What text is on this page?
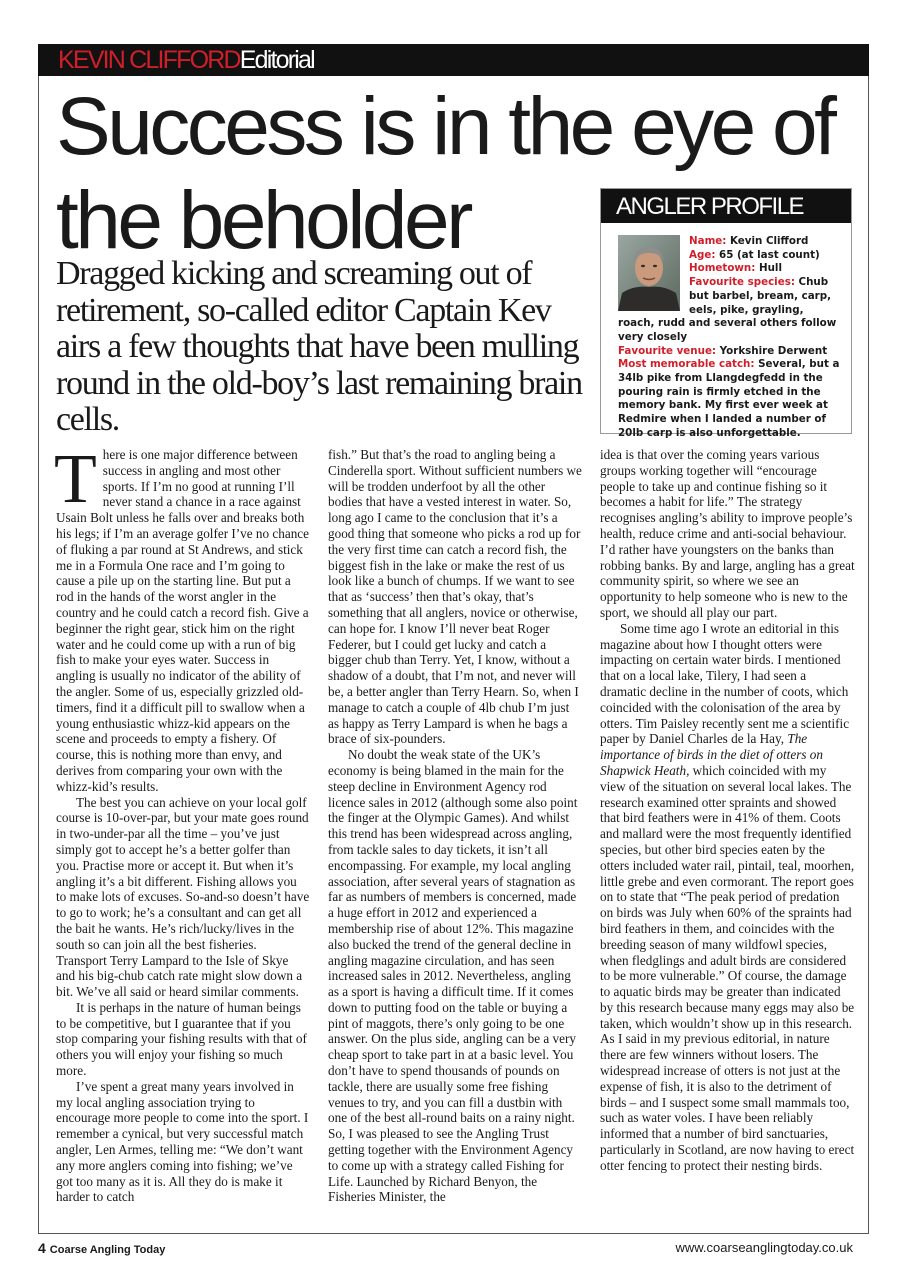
KEVIN CLIFFORDEditorial
Success is in the eye of the beholder

Dragged kicking and screaming out of retirement, so-called editor Captain Kev airs a few thoughts that have been mulling round in the old-boy’s last remaining brain cells.

ANGLER PROFILE
Name: Kevin Clifford
Age: 65 (at last count)
Hometown: Hull
Favourite species: Chub but barbel, bream, carp, eels, pike, grayling, roach, rudd and several others follow very closely
Favourite venue: Yorkshire Derwent
Most memorable catch: Several, but a 34lb pike from Llangdegfedd in the pouring rain is firmly etched in the memory bank. My first ever week at Redmire when I landed a number of 20lb carp is also unforgettable.

There is one major difference between success in angling and most other sports. If I’m no good at running I’ll never stand a chance in a race against Usain Bolt unless he falls over and breaks both his legs; if I’m an average golfer I’ve no chance of fluking a par round at St Andrews, and stick me in a Formula One race and I’m going to cause a pile up on the starting line. But put a rod in the hands of the worst angler in the country and he could catch a record fish. Give a beginner the right gear, stick him on the right water and he could come up with a run of big fish to make your eyes water. Success in angling is usually no indicator of the ability of the angler. Some of us, especially grizzled old-timers, find it a difficult pill to swallow when a young enthusiastic whizz-kid appears on the scene and proceeds to empty a fishery. Of course, this is nothing more than envy, and derives from comparing your own with the whizz-kid’s results.

The best you can achieve on your local golf course is 10-over-par, but your mate goes round in two-under-par all the time – you’ve just simply got to accept he’s a better golfer than you. Practise more or accept it. But when it’s angling it’s a bit different. Fishing allows you to make lots of excuses. So-and-so doesn’t have to go to work; he’s a consultant and can get all the bait he wants. He’s rich/lucky/lives in the south so can join all the best fisheries. Transport Terry Lampard to the Isle of Skye and his big-chub catch rate might slow down a bit. We’ve all said or heard similar comments.

It is perhaps in the nature of human beings to be competitive, but I guarantee that if you stop comparing your fishing results with that of others you will enjoy your fishing so much more.

I’ve spent a great many years involved in my local angling association trying to encourage more people to come into the sport. I remember a cynical, but very successful match angler, Len Armes, telling me: “We don’t want any more anglers coming into fishing; we’ve got too many as it is. All they do is make it harder to catch

fish.” But that’s the road to angling being a Cinderella sport. Without sufficient numbers we will be trodden underfoot by all the other bodies that have a vested interest in water. So, long ago I came to the conclusion that it’s a good thing that someone who picks a rod up for the very first time can catch a record fish, the biggest fish in the lake or make the rest of us look like a bunch of chumps. If we want to see that as ‘success’ then that’s okay, that’s something that all anglers, novice or otherwise, can hope for. I know I’ll never beat Roger Federer, but I could get lucky and catch a bigger chub than Terry. Yet, I know, without a shadow of a doubt, that I’m not, and never will be, a better angler than Terry Hearn. So, when I manage to catch a couple of 4lb chub I’m just as happy as Terry Lampard is when he bags a brace of six-pounders.

No doubt the weak state of the UK’s economy is being blamed in the main for the steep decline in Environment Agency rod licence sales in 2012 (although some also point the finger at the Olympic Games). And whilst this trend has been widespread across angling, from tackle sales to day tickets, it isn’t all encompassing. For example, my local angling association, after several years of stagnation as far as numbers of members is concerned, made a huge effort in 2012 and experienced a membership rise of about 12%. This magazine also bucked the trend of the general decline in angling magazine circulation, and has seen increased sales in 2012. Nevertheless, angling as a sport is having a difficult time. If it comes down to putting food on the table or buying a pint of maggots, there’s only going to be one answer. On the plus side, angling can be a very cheap sport to take part in at a basic level. You don’t have to spend thousands of pounds on tackle, there are usually some free fishing venues to try, and you can fill a dustbin with one of the best all-round baits on a rainy night. So, I was pleased to see the Angling Trust getting together with the Environment Agency to come up with a strategy called Fishing for Life. Launched by Richard Benyon, the Fisheries Minister, the

idea is that over the coming years various groups working together will “encourage people to take up and continue fishing so it becomes a habit for life.” The strategy recognises angling’s ability to improve people’s health, reduce crime and anti-social behaviour. I’d rather have youngsters on the banks than robbing banks. By and large, angling has a great community spirit, so where we see an opportunity to help someone who is new to the sport, we should all play our part.

Some time ago I wrote an editorial in this magazine about how I thought otters were impacting on certain water birds. I mentioned that on a local lake, Tilery, I had seen a dramatic decline in the number of coots, which coincided with the colonisation of the area by otters. Tim Paisley recently sent me a scientific paper by Daniel Charles de la Hay, The importance of birds in the diet of otters on Shapwick Heath, which coincided with my view of the situation on several local lakes. The research examined otter spraints and showed that bird feathers were in 41% of them. Coots and mallard were the most frequently identified species, but other bird species eaten by the otters included water rail, pintail, teal, moorhen, little grebe and even cormorant. The report goes on to state that “The peak period of predation on birds was July when 60% of the spraints had bird feathers in them, and coincides with the breeding season of many wildfowl species, when fledglings and adult birds are considered to be more vulnerable.” Of course, the damage to aquatic birds may be greater than indicated by this research because many eggs may also be taken, which wouldn’t show up in this research.

As I said in my previous editorial, in nature there are few winners without losers. The widespread increase of otters is not just at the expense of fish, it is also to the detriment of birds – and I suspect some small mammals too, such as water voles. I have been reliably informed that a number of bird sanctuaries, particularly in Scotland, are now having to erect otter fencing to protect their nesting birds.

4 Coarse Angling Today	www.coarseanglingtoday.co.uk
